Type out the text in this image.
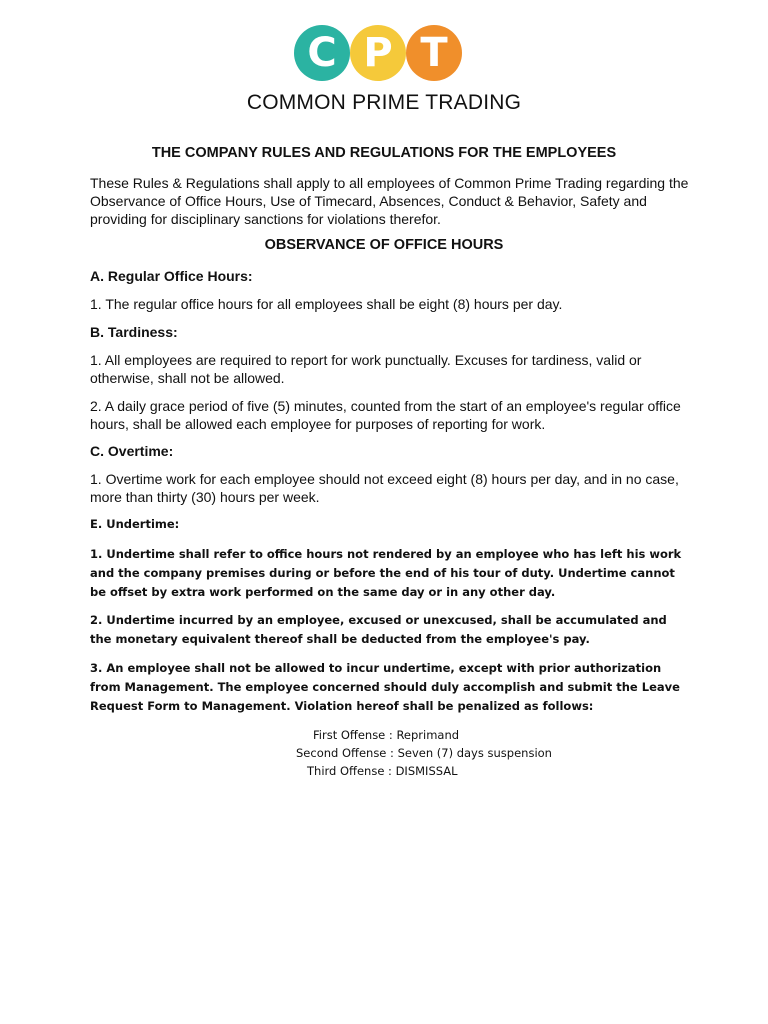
C P T
COMMON PRIME TRADING
THE COMPANY RULES AND REGULATIONS FOR THE EMPLOYEES

These Rules & Regulations shall apply to all employees of Common Prime Trading regarding the Observance of Office Hours, Use of Timecard, Absences, Conduct & Behavior, Safety and providing for disciplinary sanctions for violations therefor.

OBSERVANCE OF OFFICE HOURS

A. Regular Office Hours:

1. The regular office hours for all employees shall be eight (8) hours per day.

B. Tardiness:

1. All employees are required to report for work punctually. Excuses for tardiness, valid or otherwise, shall not be allowed.

2. A daily grace period of five (5) minutes, counted from the start of an employee's regular office hours, shall be allowed each employee for purposes of reporting for work.

C. Overtime:

1. Overtime work for each employee should not exceed eight (8) hours per day, and in no case, more than thirty (30) hours per week.

E. Undertime:

1. Undertime shall refer to office hours not rendered by an employee who has left his work and the company premises during or before the end of his tour of duty. Undertime cannot be offset by extra work performed on the same day or in any other day.

2. Undertime incurred by an employee, excused or unexcused, shall be accumulated and the monetary equivalent thereof shall be deducted from the employee's pay.

3. An employee shall not be allowed to incur undertime, except with prior authorization from Management. The employee concerned should duly accomplish and submit the Leave Request Form to Management. Violation hereof shall be penalized as follows:

First Offense : Reprimand

Second Offense : Seven (7) days suspension

Third Offense : DISMISSAL
